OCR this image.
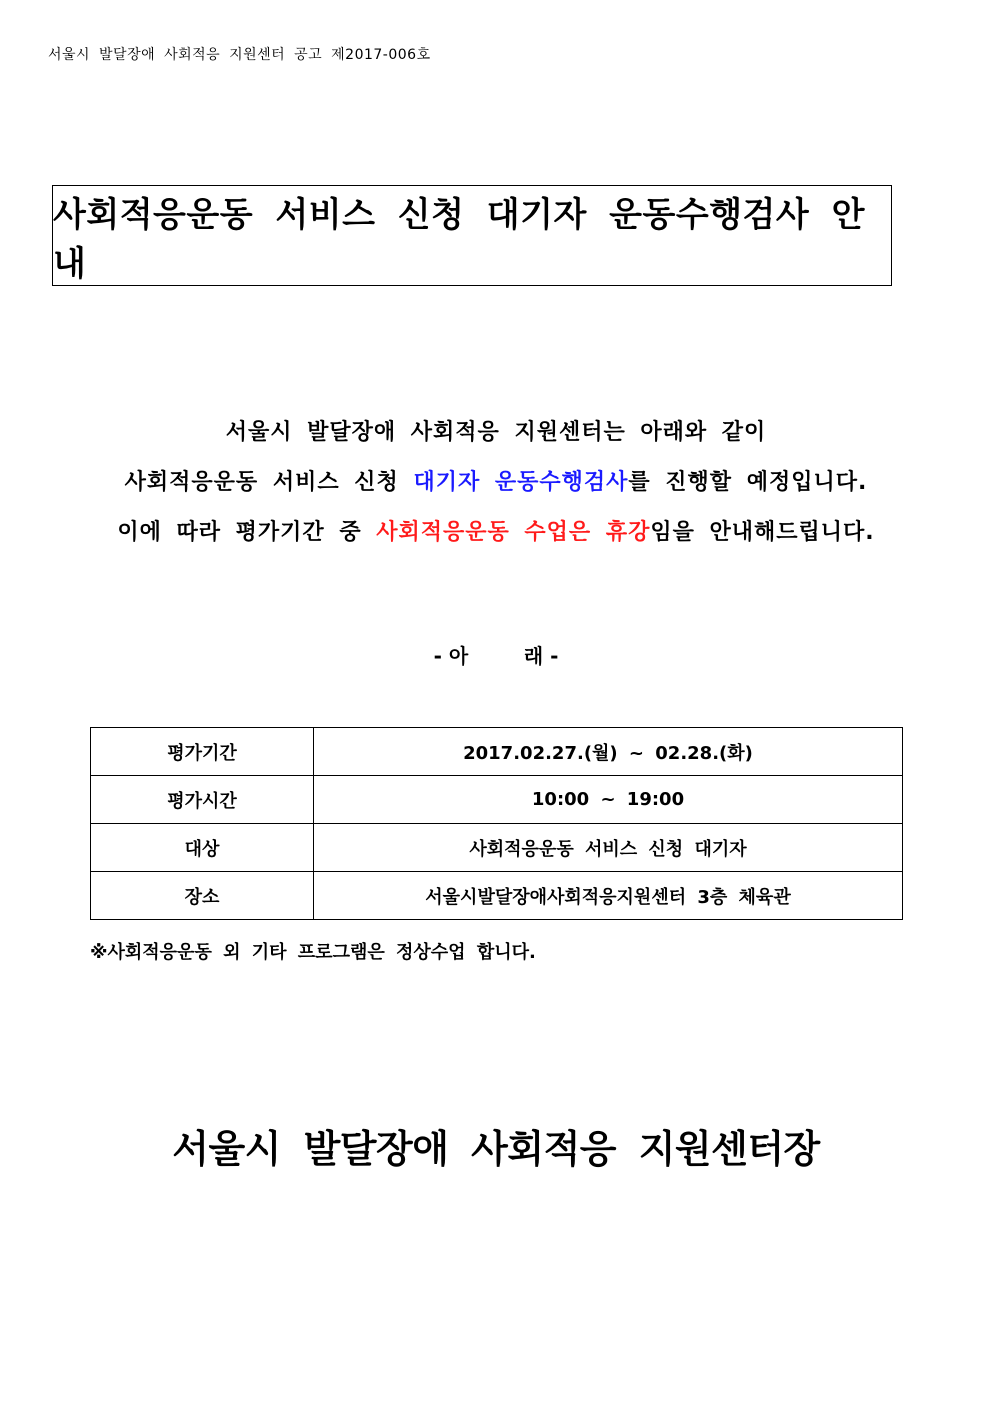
서울시 발달장애 사회적응 지원센터 공고 제2017-006호
사회적응운동 서비스 신청 대기자 운동수행검사 안내

서울시 발달장애 사회적응 지원센터는 아래와 같이

사회적응운동 서비스 신청 대기자 운동수행검사를 진행할 예정입니다.

이에 따라 평가기간 중 사회적응운동 수업은 휴강임을 안내해드립니다.

- 아        래 -
평가기간	2017.02.27.(월) ~ 02.28.(화)
평가시간	10:00 ~ 19:00
대상	사회적응운동 서비스 신청 대기자
장소	서울시발달장애사회적응지원센터 3층 체육관
※사회적응운동 외 기타 프로그램은 정상수업 합니다.
서울시 발달장애 사회적응 지원센터장
